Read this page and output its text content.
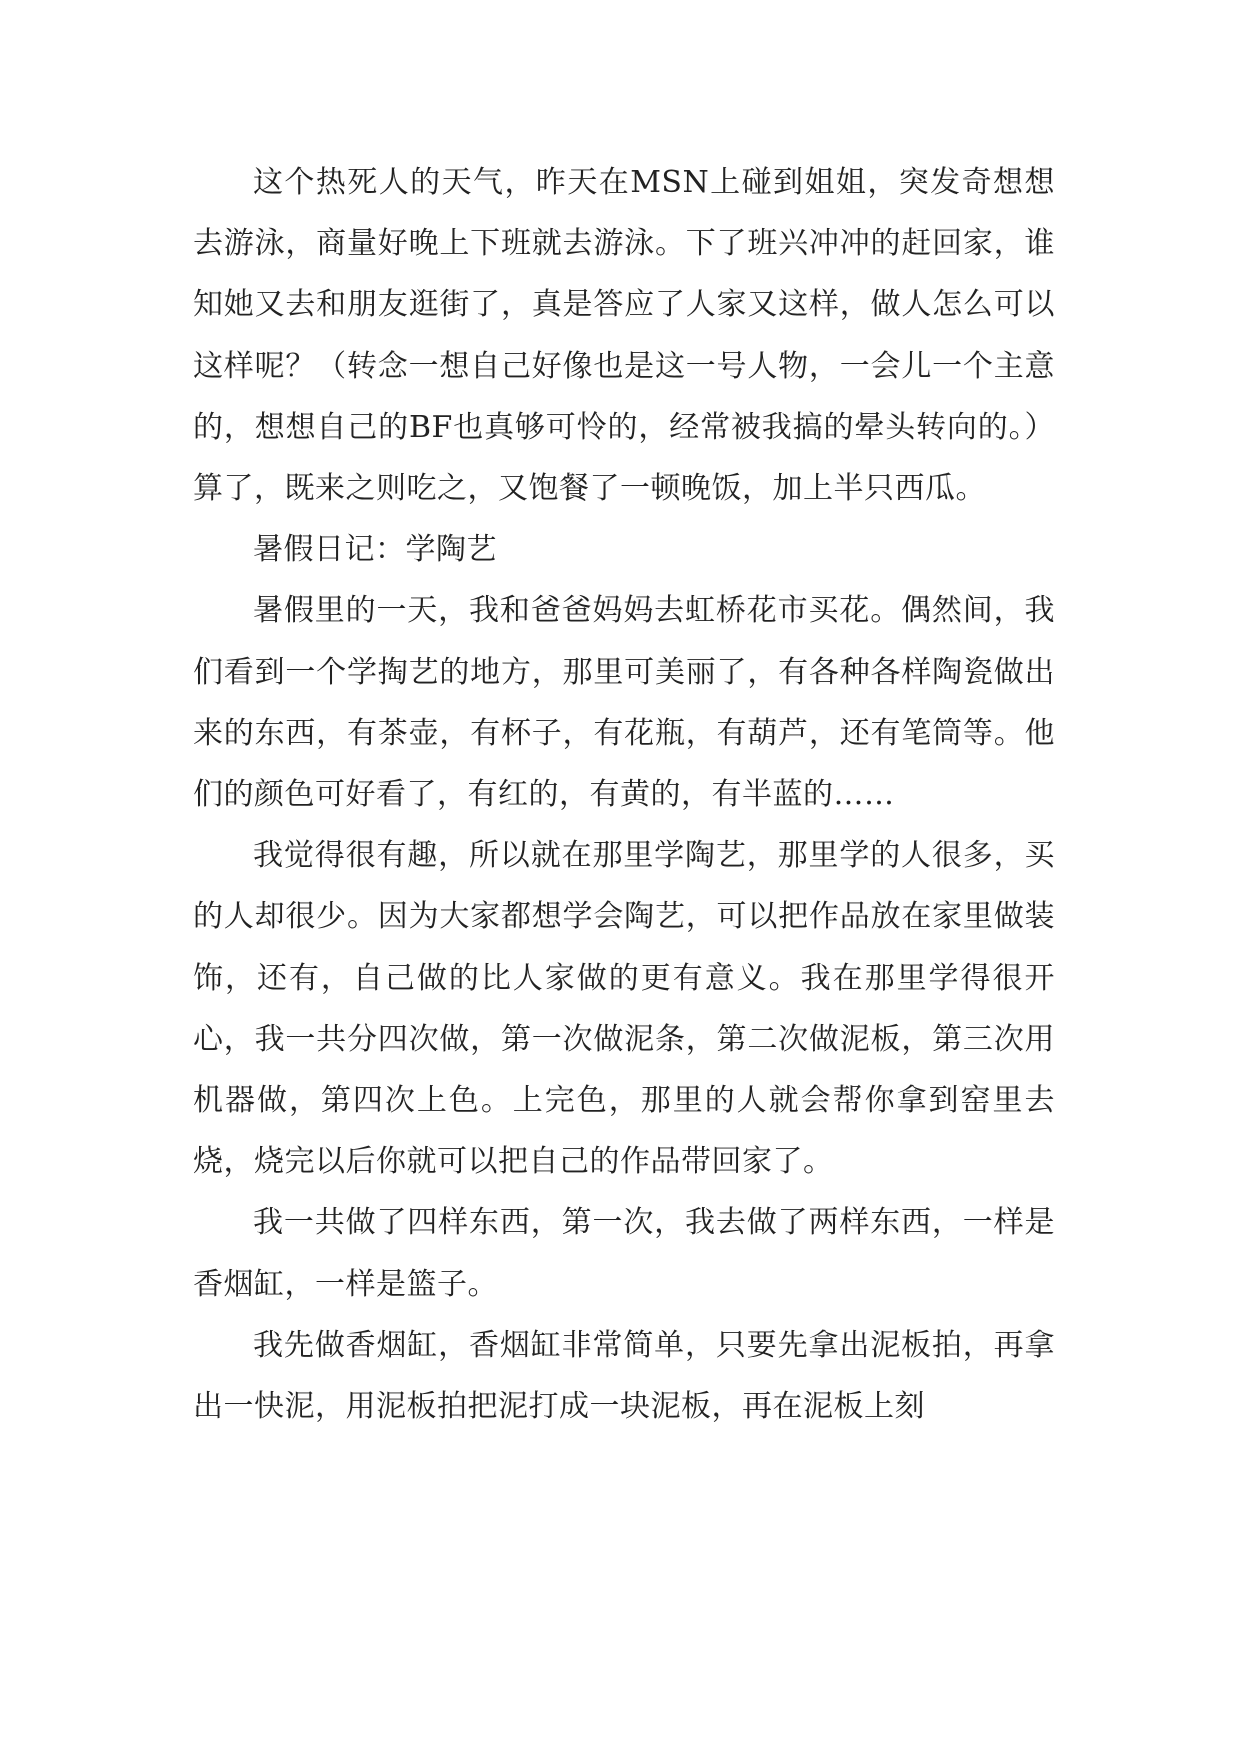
这个热死人的天气，昨天在MSN上碰到姐姐，突发奇想想去游泳，商量好晚上下班就去游泳。下了班兴冲冲的赶回家，谁知她又去和朋友逛街了，真是答应了人家又这样，做人怎么可以这样呢？（转念一想自己好像也是这一号人物，一会儿一个主意的，想想自己的BF也真够可怜的，经常被我搞的晕头转向的。）算了，既来之则吃之，又饱餐了一顿晚饭，加上半只西瓜。

暑假日记：学陶艺

暑假里的一天，我和爸爸妈妈去虹桥花市买花。偶然间，我们看到一个学掏艺的地方，那里可美丽了，有各种各样陶瓷做出来的东西，有茶壶，有杯子，有花瓶，有葫芦，还有笔筒等。他们的颜色可好看了，有红的，有黄的，有半蓝的……

我觉得很有趣，所以就在那里学陶艺，那里学的人很多，买的人却很少。因为大家都想学会陶艺，可以把作品放在家里做装饰，还有，自己做的比人家做的更有意义。我在那里学得很开心，我一共分四次做，第一次做泥条，第二次做泥板，第三次用机器做，第四次上色。上完色，那里的人就会帮你拿到窑里去烧，烧完以后你就可以把自己的作品带回家了。

我一共做了四样东西，第一次，我去做了两样东西，一样是香烟缸，一样是篮子。

我先做香烟缸，香烟缸非常简单，只要先拿出泥板拍，再拿出一快泥，用泥板拍把泥打成一块泥板，再在泥板上刻
